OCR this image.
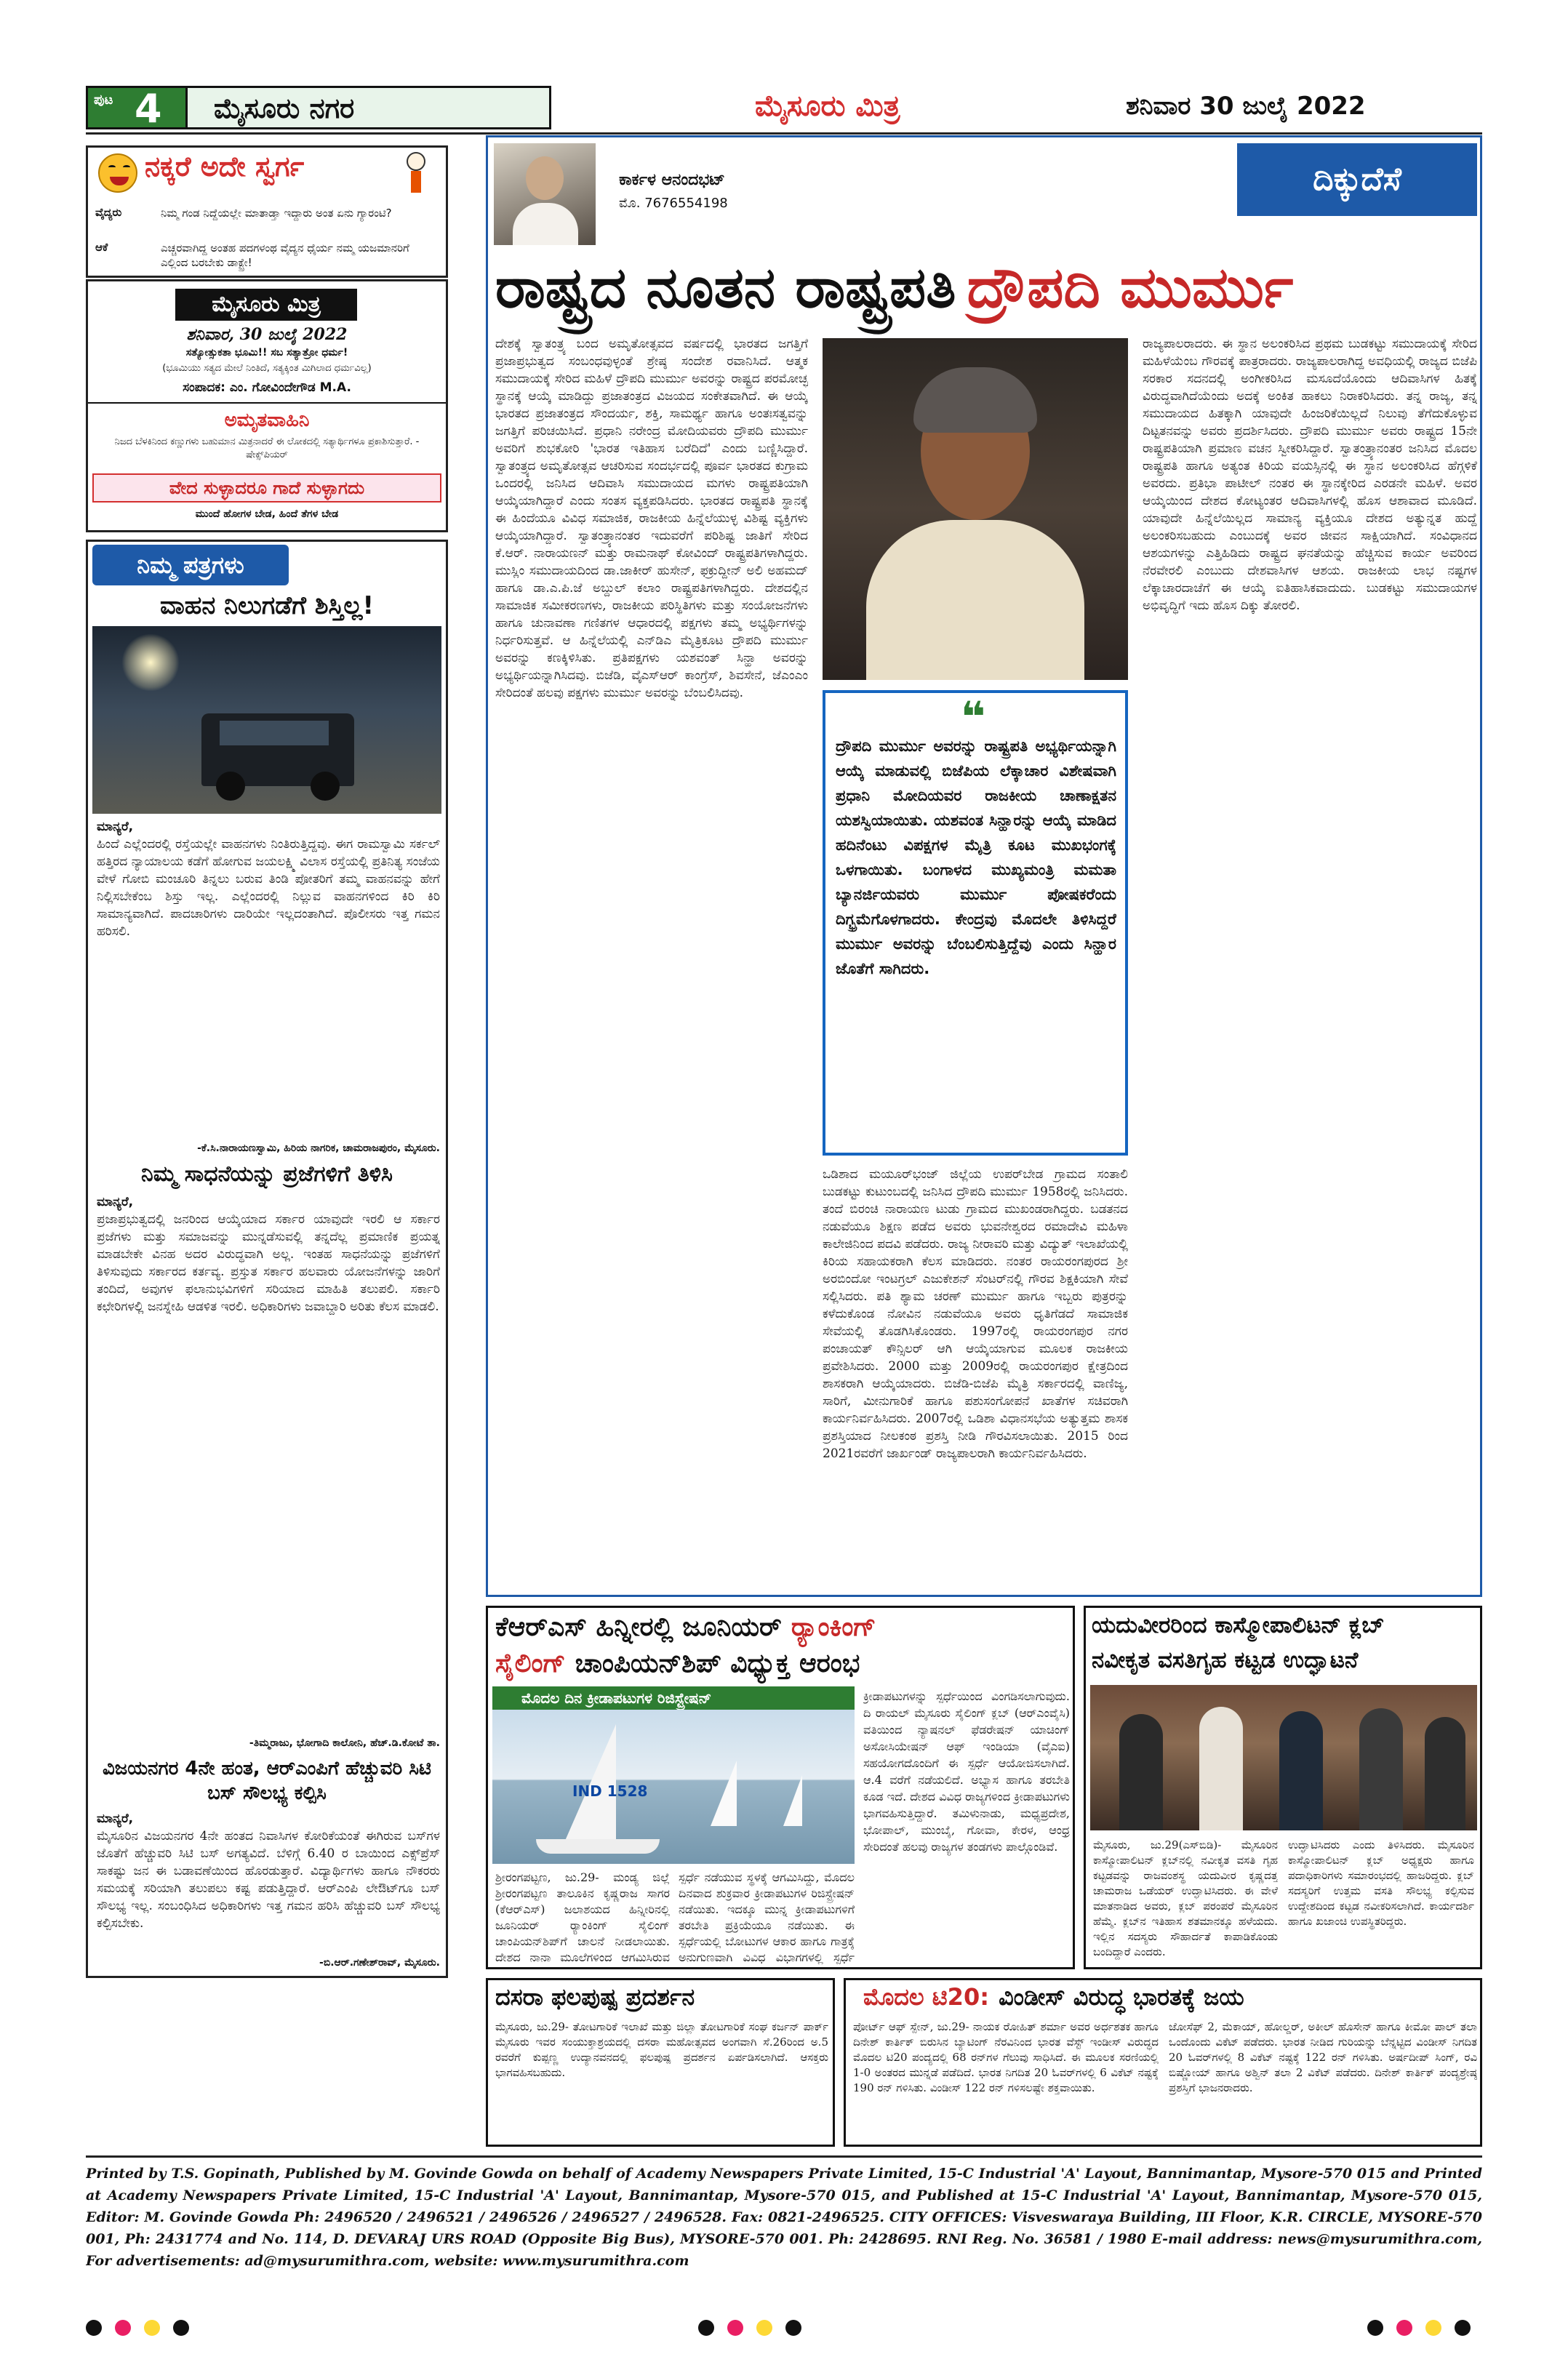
ಪುಟ 4 ಮೈಸೂರು ನಗರ	ಮೈಸೂರು ಮಿತ್ರ	ಶನಿವಾರ 30 ಜುಲೈ 2022
ನಕ್ಕರೆ ಅದೇ ಸ್ವರ್ಗ
ವೈದ್ಯರು	ನಿಮ್ಮ ಗಂಡ ನಿದ್ದೆಯಲ್ಲೇ ಮಾತಾಡ್ತಾ ಇದ್ದಾರು ಅಂತ ಏನು ಗ್ಯಾರಂಟಿ?
ಆಕೆ	ಎಚ್ಚರವಾಗಿದ್ದ ಅಂತಹ ಪದಗಳಂಥ ವೈದ್ಯನ ಧೈರ್ಯ ನಮ್ಮ ಯಜಮಾನರಿಗೆ ಎಲ್ಲಿಂದ ಬರಬೇಕು ಡಾಕ್ಟ್ರೇ!
ಮೈಸೂರು ಮಿತ್ರ
ಶನಿವಾರ, 30 ಜುಲೈ 2022
ಸತ್ಯೋತ್ಸುಕತಾ ಭೂಮಿ!! ಸಬ ಸತ್ಯಾತ್ರೋ ಧರ್ಮ!
(ಭೂಮಿಯು ಸತ್ಯದ ಮೇಲೆ ನಿಂತಿದೆ, ಸತ್ಯಕ್ಕಿಂತ ಮಿಗಿಲಾದ ಧರ್ಮವಿಲ್ಲ)
ಸಂಪಾದಕ: ಎಂ. ಗೋವಿಂದೇಗೌಡ M.A.
ಅಮೃತವಾಹಿನಿ
ನಿಜದ ಬೆಳಕಿನಿಂದ ಕಣ್ಣುಗಳು ಬಹುಮಾನ ಮಿತ್ರನಾದರೆ ಈ ಲೋಕದಲ್ಲಿ ಸತ್ಯಾರ್ಥಿಗಳೂ ಪ್ರಕಾಶಿಸುತ್ತಾರೆ. - ಷೇಕ್ಸ್‌ಪಿಯರ್
ವೇದ ಸುಳ್ಳಾದರೂ ಗಾದೆ ಸುಳ್ಳಾಗದು
ಮುಂದೆ ಹೋಗಳ ಬೇಡ, ಹಿಂದೆ ತೆಗಳ ಬೇಡ
ನಿಮ್ಮ ಪತ್ರಗಳು
ವಾಹನ ನಿಲುಗಡೆಗೆ ಶಿಸ್ತಿಲ್ಲ!
ಮಾನ್ಯರೆ,

ಹಿಂದೆ ಎಲ್ಲೆಂದರಲ್ಲಿ ರಸ್ತೆಯಲ್ಲೇ ವಾಹನಗಳು ನಿಂತಿರುತ್ತಿದ್ದವು. ಈಗ ರಾಮಸ್ವಾಮಿ ಸರ್ಕಲ್ ಹತ್ತಿರದ ನ್ಯಾಯಾಲಯ ಕಡೆಗೆ ಹೋಗುವ ಜಯಲಕ್ಷ್ಮಿ ವಿಲಾಸ ರಸ್ತೆಯಲ್ಲಿ ಪ್ರತಿನಿತ್ಯ ಸಂಜೆಯ ವೇಳೆ ಗೋಬಿ ಮಂಚೂರಿ ತಿನ್ನಲು ಬರುವ ತಿಂಡಿ ಪೋತರಿಗೆ ತಮ್ಮ ವಾಹನವನ್ನು ಹೇಗೆ ನಿಲ್ಲಿಸಬೇಕೆಂಬ ಶಿಸ್ತು ಇಲ್ಲ. ಎಲ್ಲೆಂದರಲ್ಲಿ ನಿಲ್ಲುವ ವಾಹನಗಳಿಂದ ಕಿರಿ ಕಿರಿ ಸಾಮಾನ್ಯವಾಗಿದೆ. ಪಾದಚಾರಿಗಳು ದಾರಿಯೇ ಇಲ್ಲದಂತಾಗಿದೆ. ಪೊಲೀಸರು ಇತ್ತ ಗಮನ ಹರಿಸಲಿ.

-ಕೆ.ಸಿ.ನಾರಾಯಣಸ್ವಾಮಿ, ಹಿರಿಯ ನಾಗರಿಕ, ಚಾಮರಾಜಪುರಂ, ಮೈಸೂರು.
ನಿಮ್ಮ ಸಾಧನೆಯನ್ನು ಪ್ರಜೆಗಳಿಗೆ ತಿಳಿಸಿ
ಮಾನ್ಯರೆ,

ಪ್ರಜಾಪ್ರಭುತ್ವದಲ್ಲಿ ಜನರಿಂದ ಆಯ್ಕೆಯಾದ ಸರ್ಕಾರ ಯಾವುದೇ ಇರಲಿ ಆ ಸರ್ಕಾರ ಪ್ರಜೆಗಳು ಮತ್ತು ಸಮಾಜವನ್ನು ಮುನ್ನಡೆಸುವಲ್ಲಿ ತನ್ನದೆಲ್ಲ ಪ್ರಮಾಣಿಕ ಪ್ರಯತ್ನ ಮಾಡಬೇಕೇ ವಿನಹ ಅದರ ವಿರುದ್ಧವಾಗಿ ಅಲ್ಲ. ಇಂತಹ ಸಾಧನೆಯನ್ನು ಪ್ರಜೆಗಳಿಗೆ ತಿಳಿಸುವುದು ಸರ್ಕಾರದ ಕರ್ತವ್ಯ. ಪ್ರಸ್ತುತ ಸರ್ಕಾರ ಹಲವಾರು ಯೋಜನೆಗಳನ್ನು ಜಾರಿಗೆ ತಂದಿದೆ, ಅವುಗಳ ಫಲಾನುಭವಿಗಳಿಗೆ ಸರಿಯಾದ ಮಾಹಿತಿ ತಲುಪಲಿ. ಸರ್ಕಾರಿ ಕಛೇರಿಗಳಲ್ಲಿ ಜನಸ್ನೇಹಿ ಆಡಳಿತ ಇರಲಿ. ಅಧಿಕಾರಿಗಳು ಜವಾಬ್ದಾರಿ ಅರಿತು ಕೆಲಸ ಮಾಡಲಿ.

-ತಿಮ್ಮರಾಜು, ಭೋಗಾದಿ ಕಾಲೋನಿ, ಹೆಚ್.ಡಿ.ಕೋಟೆ ತಾ.
ವಿಜಯನಗರ 4ನೇ ಹಂತ, ಆರ್‌ಎಂಪಿಗೆ ಹೆಚ್ಚುವರಿ ಸಿಟಿ ಬಸ್ ಸೌಲಭ್ಯ ಕಲ್ಪಿಸಿ
ಮಾನ್ಯರೆ,

ಮೈಸೂರಿನ ವಿಜಯನಗರ 4ನೇ ಹಂತದ ನಿವಾಸಿಗಳ ಕೋರಿಕೆಯಂತೆ ಈಗಿರುವ ಬಸ್‌ಗಳ ಜೊತೆಗೆ ಹೆಚ್ಚುವರಿ ಸಿಟಿ ಬಸ್ ಅಗತ್ಯವಿದೆ. ಬೆಳಿಗ್ಗೆ 6.40 ರ ಬಾಯಿಂದ ಎಕ್ಸ್‌ಪ್ರೆಸ್ ಸಾಕಷ್ಟು ಜನ ಈ ಬಡಾವಣೆಯಿಂದ ಹೊರಡುತ್ತಾರೆ. ವಿದ್ಯಾರ್ಥಿಗಳು ಹಾಗೂ ನೌಕರರು ಸಮಯಕ್ಕೆ ಸರಿಯಾಗಿ ತಲುಪಲು ಕಷ್ಟ ಪಡುತ್ತಿದ್ದಾರೆ. ಆರ್‌ಎಂಪಿ ಲೇಔಟ್‌ಗೂ ಬಸ್ ಸೌಲಭ್ಯ ಇಲ್ಲ. ಸಂಬಂಧಿಸಿದ ಅಧಿಕಾರಿಗಳು ಇತ್ತ ಗಮನ ಹರಿಸಿ ಹೆಚ್ಚುವರಿ ಬಸ್ ಸೌಲಭ್ಯ ಕಲ್ಪಿಸಬೇಕು.

-ಬಿ.ಆರ್.ಗಣೇಶ್‌ರಾವ್, ಮೈಸೂರು.
ಕಾರ್ಕಳ ಆನಂದಭಟ್
ಮೊ. 7676554198
ದಿಕ್ಕುದೆಸೆ
ರಾಷ್ಟ್ರದ ನೂತನ ರಾಷ್ಟ್ರಪತಿ ದ್ರೌಪದಿ ಮುರ್ಮು

ದೇಶಕ್ಕೆ ಸ್ವಾತಂತ್ರ್ಯ ಬಂದ ಅಮೃತೋತ್ಸವದ ವರ್ಷದಲ್ಲಿ ಭಾರತದ ಜಗತ್ತಿಗೆ ಪ್ರಜಾಪ್ರಭುತ್ವದ ಸಂಬಂಧವುಳ್ಳಂತೆ ಶ್ರೇಷ್ಠ ಸಂದೇಶ ರವಾನಿಸಿದೆ. ಆತ್ಮಕ ಸಮುದಾಯಕ್ಕೆ ಸೇರಿದ ಮಹಿಳೆ ದ್ರೌಪದಿ ಮುರ್ಮು ಅವರನ್ನು ರಾಷ್ಟ್ರದ ಪರಮೋಚ್ಛ ಸ್ಥಾನಕ್ಕೆ ಆಯ್ಕೆ ಮಾಡಿದ್ದು ಪ್ರಜಾತಂತ್ರದ ವಿಜಯದ ಸಂಕೇತವಾಗಿದೆ. ಈ ಆಯ್ಕೆ ಭಾರತದ ಪ್ರಜಾತಂತ್ರದ ಸೌಂದರ್ಯ, ಶಕ್ತಿ, ಸಾಮರ್ಥ್ಯ ಹಾಗೂ ಅಂತಃಸತ್ವವನ್ನು ಜಗತ್ತಿಗೆ ಪರಿಚಯಿಸಿದೆ. ಪ್ರಧಾನಿ ನರೇಂದ್ರ ಮೋದಿಯವರು ದ್ರೌಪದಿ ಮುರ್ಮು ಅವರಿಗೆ ಶುಭಕೋರಿ 'ಭಾರತ ಇತಿಹಾಸ ಬರೆದಿದೆ' ಎಂದು ಬಣ್ಣಿಸಿದ್ದಾರೆ. ಸ್ವಾತಂತ್ರ್ಯದ ಅಮೃತೋತ್ಸವ ಆಚರಿಸುವ ಸಂದರ್ಭದಲ್ಲಿ ಪೂರ್ವ ಭಾರತದ ಕುಗ್ರಾಮ ಒಂದರಲ್ಲಿ ಜನಿಸಿದ ಆದಿವಾಸಿ ಸಮುದಾಯದ ಮಗಳು ರಾಷ್ಟ್ರಪತಿಯಾಗಿ ಆಯ್ಕೆಯಾಗಿದ್ದಾರೆ ಎಂದು ಸಂತಸ ವ್ಯಕ್ತಪಡಿಸಿದರು. ಭಾರತದ ರಾಷ್ಟ್ರಪತಿ ಸ್ಥಾನಕ್ಕೆ ಈ ಹಿಂದೆಯೂ ವಿವಿಧ ಸಮಾಜಿಕ, ರಾಜಕೀಯ ಹಿನ್ನೆಲೆಯುಳ್ಳ ವಿಶಿಷ್ಟ ವ್ಯಕ್ತಿಗಳು ಆಯ್ಕೆಯಾಗಿದ್ದಾರೆ. ಸ್ವಾತಂತ್ರ್ಯಾನಂತರ ಇದುವರೆಗೆ ಪರಿಶಿಷ್ಟ ಜಾತಿಗೆ ಸೇರಿದ ಕೆ.ಆರ್. ನಾರಾಯಣನ್ ಮತ್ತು ರಾಮನಾಥ್ ಕೋವಿಂದ್ ರಾಷ್ಟ್ರಪತಿಗಳಾಗಿದ್ದರು. ಮುಸ್ಲಿಂ ಸಮುದಾಯದಿಂದ ಡಾ.ಜಾಕೀರ್ ಹುಸೇನ್, ಫಕ್ರುದ್ದೀನ್ ಅಲಿ ಅಹಮದ್ ಹಾಗೂ ಡಾ.ಎ.ಪಿ.ಜೆ ಅಬ್ದುಲ್ ಕಲಾಂ ರಾಷ್ಟ್ರಪತಿಗಳಾಗಿದ್ದರು. ದೇಶದಲ್ಲಿನ ಸಾಮಾಜಿಕ ಸಮೀಕರಣಗಳು, ರಾಜಕೀಯ ಪರಿಸ್ಥಿತಿಗಳು ಮತ್ತು ಸಂಯೋಜನೆಗಳು ಹಾಗೂ ಚುನಾವಣಾ ಗಣಿತಗಳ ಆಧಾರದಲ್ಲಿ ಪಕ್ಷಗಳು ತಮ್ಮ ಅಭ್ಯರ್ಥಿಗಳನ್ನು ನಿರ್ಧರಿಸುತ್ತವೆ. ಆ ಹಿನ್ನೆಲೆಯಲ್ಲಿ ಎನ್‌ಡಿಎ ಮೈತ್ರಿಕೂಟ ದ್ರೌಪದಿ ಮುರ್ಮು ಅವರನ್ನು ಕಣಕ್ಕಿಳಿಸಿತು. ಪ್ರತಿಪಕ್ಷಗಳು ಯಶವಂತ್ ಸಿನ್ಹಾ ಅವರನ್ನು ಅಭ್ಯರ್ಥಿಯನ್ನಾಗಿಸಿದವು. ಬಿಜೆಡಿ, ವೈಎಸ್‌ಆರ್ ಕಾಂಗ್ರೆಸ್, ಶಿವಸೇನೆ, ಜೆಎಂಎಂ ಸೇರಿದಂತೆ ಹಲವು ಪಕ್ಷಗಳು ಮುರ್ಮು ಅವರನ್ನು ಬೆಂಬಲಿಸಿದವು.	❝

ದ್ರೌಪದಿ ಮುರ್ಮು ಅವರನ್ನು ರಾಷ್ಟ್ರಪತಿ ಅಭ್ಯರ್ಥಿಯನ್ನಾಗಿ ಆಯ್ಕೆ ಮಾಡುವಲ್ಲಿ ಬಿಜೆಪಿಯ ಲೆಕ್ಕಾಚಾರ ವಿಶೇಷವಾಗಿ ಪ್ರಧಾನಿ ಮೋದಿಯವರ ರಾಜಕೀಯ ಚಾಣಾಕ್ಷತನ ಯಶಸ್ವಿಯಾಯಿತು. ಯಶವಂತ ಸಿನ್ಹಾರನ್ನು ಆಯ್ಕೆ ಮಾಡಿದ ಹದಿನೆಂಟು ವಿಪಕ್ಷಗಳ ಮೈತ್ರಿ ಕೂಟ ಮುಖಭಂಗಕ್ಕೆ ಒಳಗಾಯಿತು. ಬಂಗಾಳದ ಮುಖ್ಯಮಂತ್ರಿ ಮಮತಾ ಬ್ಯಾನರ್ಜಿಯವರು ಮುರ್ಮು ಪೋಷಕರೆಂದು ದಿಗ್ಭ್ರಮೆಗೊಳಗಾದರು. ಕೇಂದ್ರವು ಮೊದಲೇ ತಿಳಿಸಿದ್ದರೆ ಮುರ್ಮು ಅವರನ್ನು ಬೆಂಬಲಿಸುತ್ತಿದ್ದೆವು ಎಂದು ಸಿನ್ಹಾರ ಜೊತೆಗೆ ಸಾಗಿದರು.

ಒಡಿಶಾದ ಮಯೂರ್‌ಭಂಜ್ ಜಿಲ್ಲೆಯ ಉಪರ್‌ಬೇಡ ಗ್ರಾಮದ ಸಂತಾಲಿ ಬುಡಕಟ್ಟು ಕುಟುಂಬದಲ್ಲಿ ಜನಿಸಿದ ದ್ರೌಪದಿ ಮುರ್ಮು 1958ರಲ್ಲಿ ಜನಿಸಿದರು. ತಂದೆ ಬಿರಂಚಿ ನಾರಾಯಣ ಟುಡು ಗ್ರಾಮದ ಮುಖಂಡರಾಗಿದ್ದರು. ಬಡತನದ ನಡುವೆಯೂ ಶಿಕ್ಷಣ ಪಡೆದ ಅವರು ಭುವನೇಶ್ವರದ ರಮಾದೇವಿ ಮಹಿಳಾ ಕಾಲೇಜಿನಿಂದ ಪದವಿ ಪಡೆದರು. ರಾಜ್ಯ ನೀರಾವರಿ ಮತ್ತು ವಿದ್ಯುತ್ ಇಲಾಖೆಯಲ್ಲಿ ಕಿರಿಯ ಸಹಾಯಕರಾಗಿ ಕೆಲಸ ಮಾಡಿದರು. ನಂತರ ರಾಯರಂಗಪುರದ ಶ್ರೀ ಅರಬಿಂದೋ ಇಂಟಗ್ರಲ್ ಎಜುಕೇಶನ್ ಸೆಂಟರ್‌ನಲ್ಲಿ ಗೌರವ ಶಿಕ್ಷಕಿಯಾಗಿ ಸೇವೆ ಸಲ್ಲಿಸಿದರು. ಪತಿ ಶ್ಯಾಮ ಚರಣ್ ಮುರ್ಮು ಹಾಗೂ ಇಬ್ಬರು ಪುತ್ರರನ್ನು ಕಳೆದುಕೊಂಡ ನೋವಿನ ನಡುವೆಯೂ ಅವರು ಧೃತಿಗೆಡದೆ ಸಾಮಾಜಿಕ ಸೇವೆಯಲ್ಲಿ ತೊಡಗಿಸಿಕೊಂಡರು. 1997ರಲ್ಲಿ ರಾಯರಂಗಪುರ ನಗರ ಪಂಚಾಯತ್ ಕೌನ್ಸಿಲರ್ ಆಗಿ ಆಯ್ಕೆಯಾಗುವ ಮೂಲಕ ರಾಜಕೀಯ ಪ್ರವೇಶಿಸಿದರು. 2000 ಮತ್ತು 2009ರಲ್ಲಿ ರಾಯರಂಗಪುರ ಕ್ಷೇತ್ರದಿಂದ ಶಾಸಕರಾಗಿ ಆಯ್ಕೆಯಾದರು. ಬಿಜೆಡಿ-ಬಿಜೆಪಿ ಮೈತ್ರಿ ಸರ್ಕಾರದಲ್ಲಿ ವಾಣಿಜ್ಯ, ಸಾರಿಗೆ, ಮೀನುಗಾರಿಕೆ ಹಾಗೂ ಪಶುಸಂಗೋಪನೆ ಖಾತೆಗಳ ಸಚಿವರಾಗಿ ಕಾರ್ಯನಿರ್ವಹಿಸಿದರು. 2007ರಲ್ಲಿ ಒಡಿಶಾ ವಿಧಾನಸಭೆಯ ಅತ್ಯುತ್ತಮ ಶಾಸಕ ಪ್ರಶಸ್ತಿಯಾದ ನೀಲಕಂಠ ಪ್ರಶಸ್ತಿ ನೀಡಿ ಗೌರವಿಸಲಾಯಿತು. 2015 ರಿಂದ 2021ರವರೆಗೆ ಜಾರ್ಖಂಡ್ ರಾಜ್ಯಪಾಲರಾಗಿ ಕಾರ್ಯನಿರ್ವಹಿಸಿದರು.

ರಾಜ್ಯಪಾಲರಾದರು. ಈ ಸ್ಥಾನ ಅಲಂಕರಿಸಿದ ಪ್ರಥಮ ಬುಡಕಟ್ಟು ಸಮುದಾಯಕ್ಕೆ ಸೇರಿದ ಮಹಿಳೆಯೆಂಬ ಗೌರವಕ್ಕೆ ಪಾತ್ರರಾದರು. ರಾಜ್ಯಪಾಲರಾಗಿದ್ದ ಅವಧಿಯಲ್ಲಿ ರಾಜ್ಯದ ಬಿಜೆಪಿ ಸರಕಾರ ಸದನದಲ್ಲಿ ಅಂಗೀಕರಿಸಿದ ಮಸೂದೆಯೊಂದು ಆದಿವಾಸಿಗಳ ಹಿತಕ್ಕೆ ವಿರುದ್ಧವಾಗಿದೆಯೆಂದು ಅದಕ್ಕೆ ಅಂಕಿತ ಹಾಕಲು ನಿರಾಕರಿಸಿದರು. ತನ್ನ ರಾಜ್ಯ, ತನ್ನ ಸಮುದಾಯದ ಹಿತಕ್ಕಾಗಿ ಯಾವುದೇ ಹಿಂಜರಿಕೆಯಿಲ್ಲದೆ ನಿಲುವು ತೆಗೆದುಕೊಳ್ಳುವ ದಿಟ್ಟತನವನ್ನು ಅವರು ಪ್ರದರ್ಶಿಸಿದರು. ದ್ರೌಪದಿ ಮುರ್ಮು ಅವರು ರಾಷ್ಟ್ರದ 15ನೇ ರಾಷ್ಟ್ರಪತಿಯಾಗಿ ಪ್ರಮಾಣ ವಚನ ಸ್ವೀಕರಿಸಿದ್ದಾರೆ. ಸ್ವಾತಂತ್ರ್ಯಾನಂತರ ಜನಿಸಿದ ಮೊದಲ ರಾಷ್ಟ್ರಪತಿ ಹಾಗೂ ಅತ್ಯಂತ ಕಿರಿಯ ವಯಸ್ಸಿನಲ್ಲಿ ಈ ಸ್ಥಾನ ಅಲಂಕರಿಸಿದ ಹೆಗ್ಗಳಿಕೆ ಅವರದು. ಪ್ರತಿಭಾ ಪಾಟೀಲ್ ನಂತರ ಈ ಸ್ಥಾನಕ್ಕೇರಿದ ಎರಡನೇ ಮಹಿಳೆ. ಅವರ ಆಯ್ಕೆಯಿಂದ ದೇಶದ ಕೋಟ್ಯಂತರ ಆದಿವಾಸಿಗಳಲ್ಲಿ ಹೊಸ ಆಶಾವಾದ ಮೂಡಿದೆ. ಯಾವುದೇ ಹಿನ್ನೆಲೆಯಿಲ್ಲದ ಸಾಮಾನ್ಯ ವ್ಯಕ್ತಿಯೂ ದೇಶದ ಅತ್ಯುನ್ನತ ಹುದ್ದೆ ಅಲಂಕರಿಸಬಹುದು ಎಂಬುದಕ್ಕೆ ಅವರ ಜೀವನ ಸಾಕ್ಷಿಯಾಗಿದೆ. ಸಂವಿಧಾನದ ಆಶಯಗಳನ್ನು ಎತ್ತಿಹಿಡಿದು ರಾಷ್ಟ್ರದ ಘನತೆಯನ್ನು ಹೆಚ್ಚಿಸುವ ಕಾರ್ಯ ಅವರಿಂದ ನೆರವೇರಲಿ ಎಂಬುದು ದೇಶವಾಸಿಗಳ ಆಶಯ. ರಾಜಕೀಯ ಲಾಭ ನಷ್ಟಗಳ ಲೆಕ್ಕಾಚಾರದಾಚೆಗೆ ಈ ಆಯ್ಕೆ ಐತಿಹಾಸಿಕವಾದುದು. ಬುಡಕಟ್ಟು ಸಮುದಾಯಗಳ ಅಭಿವೃದ್ಧಿಗೆ ಇದು ಹೊಸ ದಿಕ್ಕು ತೋರಲಿ.

ಕೆಆರ್‌ಎಸ್ ಹಿನ್ನೀರಲ್ಲಿ ಜೂನಿಯರ್ ರ‍್ಯಾಂಕಿಂಗ್
ಸೈಲಿಂಗ್ ಚಾಂಪಿಯನ್‌ಶಿಪ್ ವಿಧ್ಯುಕ್ತ ಆರಂಭ
ಮೊದಲ ದಿನ ಕ್ರೀಡಾಪಟುಗಳ ರಿಜಿಸ್ಟ್ರೇಷನ್
IND 1528

ಕ್ರೀಡಾಪಟುಗಳನ್ನು ಸ್ಪರ್ಧೆಯಿಂದ ವಿಂಗಡಿಸಲಾಗುವುದು. ದಿ ರಾಯಲ್ ಮೈಸೂರು ಸೈಲಿಂಗ್ ಕ್ಲಬ್ (ಆರ್‌ಎಂವೈಸಿ) ವತಿಯಿಂದ ನ್ಯಾಷನಲ್ ಫೆಡರೇಷನ್ ಯಾಚಿಂಗ್ ಅಸೋಸಿಯೇಷನ್ ಆಫ್ ಇಂಡಿಯಾ (ವೈಎಐ) ಸಹಯೋಗದೊಂದಿಗೆ ಈ ಸ್ಪರ್ಧೆ ಆಯೋಜಿಸಲಾಗಿದೆ. ಆ.4 ವರೆಗೆ ನಡೆಯಲಿದೆ. ಅಭ್ಯಾಸ ಹಾಗೂ ತರಬೇತಿ ಕೂಡ ಇದೆ. ದೇಶದ ವಿವಿಧ ರಾಜ್ಯಗಳಿಂದ ಕ್ರೀಡಾಪಟುಗಳು ಭಾಗವಹಿಸುತ್ತಿದ್ದಾರೆ. ತಮಿಳುನಾಡು, ಮಧ್ಯಪ್ರದೇಶ, ಭೋಪಾಲ್, ಮುಂಬೈ, ಗೋವಾ, ಕೇರಳ, ಆಂಧ್ರ ಸೇರಿದಂತೆ ಹಲವು ರಾಜ್ಯಗಳ ತಂಡಗಳು ಪಾಲ್ಗೊಂಡಿವೆ.

ಶ್ರೀರಂಗಪಟ್ಟಣ, ಜು.29- ಮಂಡ್ಯ ಜಿಲ್ಲೆ ಶ್ರೀರಂಗಪಟ್ಟಣ ತಾಲೂಕಿನ ಕೃಷ್ಣರಾಜ ಸಾಗರ (ಕೆಆರ್‌ಎಸ್) ಜಲಾಶಯದ ಹಿನ್ನೀರಿನಲ್ಲಿ ಜೂನಿಯರ್ ರ‍್ಯಾಂಕಿಂಗ್ ಸೈಲಿಂಗ್ ಚಾಂಪಿಯನ್‌ಶಿಪ್‌ಗೆ ಚಾಲನೆ ನೀಡಲಾಯಿತು. ದೇಶದ ನಾನಾ ಮೂಲೆಗಳಿಂದ ಆಗಮಿಸಿರುವ

ಸ್ಪರ್ಧೆ ನಡೆಯುವ ಸ್ಥಳಕ್ಕೆ ಆಗಮಿಸಿದ್ದು, ಮೊದಲ ದಿನವಾದ ಶುಕ್ರವಾರ ಕ್ರೀಡಾಪಟುಗಳ ರಿಜಿಸ್ಟ್ರೇಷನ್ ನಡೆಯಿತು. ಇದಕ್ಕೂ ಮುನ್ನ ಕ್ರೀಡಾಪಟುಗಳಿಗೆ ತರಬೇತಿ ಪ್ರಕ್ರಿಯೆಯೂ ನಡೆಯಿತು. ಈ ಸ್ಪರ್ಧೆಯಲ್ಲಿ ಬೋಟುಗಳ ಆಕಾರ ಹಾಗೂ ಗಾತ್ರಕ್ಕೆ ಅನುಗುಣವಾಗಿ ವಿವಿಧ ವಿಭಾಗಗಳಲ್ಲಿ ಸ್ಪರ್ಧೆ

ಯದುವೀರರಿಂದ ಕಾಸ್ಮೋಪಾಲಿಟನ್ ಕ್ಲಬ್
ನವೀಕೃತ ವಸತಿಗೃಹ ಕಟ್ಟಡ ಉದ್ಘಾಟನೆ

ಮೈಸೂರು, ಜು.29(ಎಸ್‌ಬಿಡಿ)- ಮೈಸೂರಿನ ಕಾಸ್ಮೋಪಾಲಿಟನ್ ಕ್ಲಬ್‌ನಲ್ಲಿ ನವೀಕೃತ ವಸತಿ ಗೃಹ ಕಟ್ಟಡವನ್ನು ರಾಜವಂಶಸ್ಥ ಯದುವೀರ ಕೃಷ್ಣದತ್ತ ಚಾಮರಾಜ ಒಡೆಯರ್ ಉದ್ಘಾಟಿಸಿದರು. ಈ ವೇಳೆ ಮಾತನಾಡಿದ ಅವರು, ಕ್ಲಬ್ ಪರಂಪರೆ ಮೈಸೂರಿನ ಹೆಮ್ಮೆ. ಕ್ಲಬ್‌ನ ಇತಿಹಾಸ ಶತಮಾನಕ್ಕೂ ಹಳೆಯದು. ಇಲ್ಲಿನ ಸದಸ್ಯರು ಸೌಹಾರ್ದತೆ ಕಾಪಾಡಿಕೊಂಡು ಬಂದಿದ್ದಾರೆ ಎಂದರು.

ಉದ್ಘಾಟಿಸಿದರು ಎಂದು ತಿಳಿಸಿದರು. ಮೈಸೂರಿನ ಕಾಸ್ಮೋಪಾಲಿಟನ್ ಕ್ಲಬ್ ಅಧ್ಯಕ್ಷರು ಹಾಗೂ ಪದಾಧಿಕಾರಿಗಳು ಸಮಾರಂಭದಲ್ಲಿ ಹಾಜರಿದ್ದರು. ಕ್ಲಬ್ ಸದಸ್ಯರಿಗೆ ಉತ್ತಮ ವಸತಿ ಸೌಲಭ್ಯ ಕಲ್ಪಿಸುವ ಉದ್ದೇಶದಿಂದ ಕಟ್ಟಡ ನವೀಕರಿಸಲಾಗಿದೆ. ಕಾರ್ಯದರ್ಶಿ ಹಾಗೂ ಖಜಾಂಚಿ ಉಪಸ್ಥಿತರಿದ್ದರು.

ದಸರಾ ಫಲಪುಷ್ಪ ಪ್ರದರ್ಶನ

ಮೈಸೂರು, ಜು.29- ತೋಟಗಾರಿಕೆ ಇಲಾಖೆ ಮತ್ತು ಜಿಲ್ಲಾ ತೋಟಗಾರಿಕೆ ಸಂಘ ಕರ್ಜನ್ ಪಾರ್ಕ್ ಮೈಸೂರು ಇವರ ಸಂಯುಕ್ತಾಶ್ರಯದಲ್ಲಿ ದಸರಾ ಮಹೋತ್ಸವದ ಅಂಗವಾಗಿ ಸೆ.26ರಿಂದ ಅ.5 ರವರೆಗೆ ಕುಪ್ಪಣ್ಣ ಉದ್ಯಾನವನದಲ್ಲಿ ಫಲಪುಷ್ಪ ಪ್ರದರ್ಶನ ಏರ್ಪಡಿಸಲಾಗಿದೆ. ಆಸಕ್ತರು ಭಾಗವಹಿಸಬಹುದು.

ಮೊದಲ ಟಿ20: ವಿಂಡೀಸ್ ವಿರುದ್ಧ ಭಾರತಕ್ಕೆ ಜಯ

ಪೋರ್ಟ್ ಆಫ್ ಸ್ಪೇನ್, ಜು.29- ನಾಯಕ ರೋಹಿತ್ ಶರ್ಮಾ ಅವರ ಅರ್ಧಶತಕ ಹಾಗೂ ದಿನೇಶ್ ಕಾರ್ತಿಕ್ ಬಿರುಸಿನ ಬ್ಯಾಟಿಂಗ್ ನೆರವಿನಿಂದ ಭಾರತ ವೆಸ್ಟ್ ಇಂಡೀಸ್ ವಿರುದ್ಧದ ಮೊದಲ ಟಿ20 ಪಂದ್ಯದಲ್ಲಿ 68 ರನ್‌ಗಳ ಗೆಲುವು ಸಾಧಿಸಿದೆ. ಈ ಮೂಲಕ ಸರಣಿಯಲ್ಲಿ 1-0 ಅಂತರದ ಮುನ್ನಡೆ ಪಡೆದಿದೆ. ಭಾರತ ನಿಗದಿತ 20 ಓವರ್‌ಗಳಲ್ಲಿ 6 ವಿಕೆಟ್ ನಷ್ಟಕ್ಕೆ 190 ರನ್ ಗಳಿಸಿತು. ವಿಂಡೀಸ್ 122 ರನ್ ಗಳಿಸಲಷ್ಟೇ ಶಕ್ತವಾಯಿತು.

ಜೋಸೆಫ್ 2, ಮೆಕಾಯ್, ಹೋಲ್ಡರ್, ಅಕೀಲ್ ಹೊಸೇನ್ ಹಾಗೂ ಕೀಮೋ ಪಾಲ್ ತಲಾ ಒಂದೊಂದು ವಿಕೆಟ್ ಪಡೆದರು. ಭಾರತ ನೀಡಿದ ಗುರಿಯನ್ನು ಬೆನ್ನಟ್ಟಿದ ವಿಂಡೀಸ್ ನಿಗದಿತ 20 ಓವರ್‌ಗಳಲ್ಲಿ 8 ವಿಕೆಟ್ ನಷ್ಟಕ್ಕೆ 122 ರನ್ ಗಳಿಸಿತು. ಅರ್ಷದೀಪ್ ಸಿಂಗ್, ರವಿ ಬಿಷ್ಣೋಯ್ ಹಾಗೂ ಅಶ್ವಿನ್ ತಲಾ 2 ವಿಕೆಟ್ ಪಡೆದರು. ದಿನೇಶ್ ಕಾರ್ತಿಕ್ ಪಂದ್ಯಶ್ರೇಷ್ಠ ಪ್ರಶಸ್ತಿಗೆ ಭಾಜನರಾದರು.

Printed by T.S. Gopinath, Published by M. Govinde Gowda on behalf of Academy Newspapers Private Limited, 15-C Industrial 'A' Layout, Bannimantap, Mysore-570 015 and Printed at Academy Newspapers Private Limited, 15-C Industrial 'A' Layout, Bannimantap, Mysore-570 015, and Published at 15-C Industrial 'A' Layout, Bannimantap, Mysore-570 015, Editor: M. Govinde Gowda Ph: 2496520 / 2496521 / 2496526 / 2496527 / 2496528. Fax: 0821-2496525. CITY OFFICES: Visveswaraya Building, III Floor, K.R. CIRCLE, MYSORE-570 001, Ph: 2431774 and No. 114, D. DEVARAJ URS ROAD (Opposite Big Bus), MYSORE-570 001. Ph: 2428695. RNI Reg. No. 36581 / 1980 E-mail address: news@mysurumithra.com, For advertisements: ad@mysurumithra.com, website: www.mysurumithra.com
